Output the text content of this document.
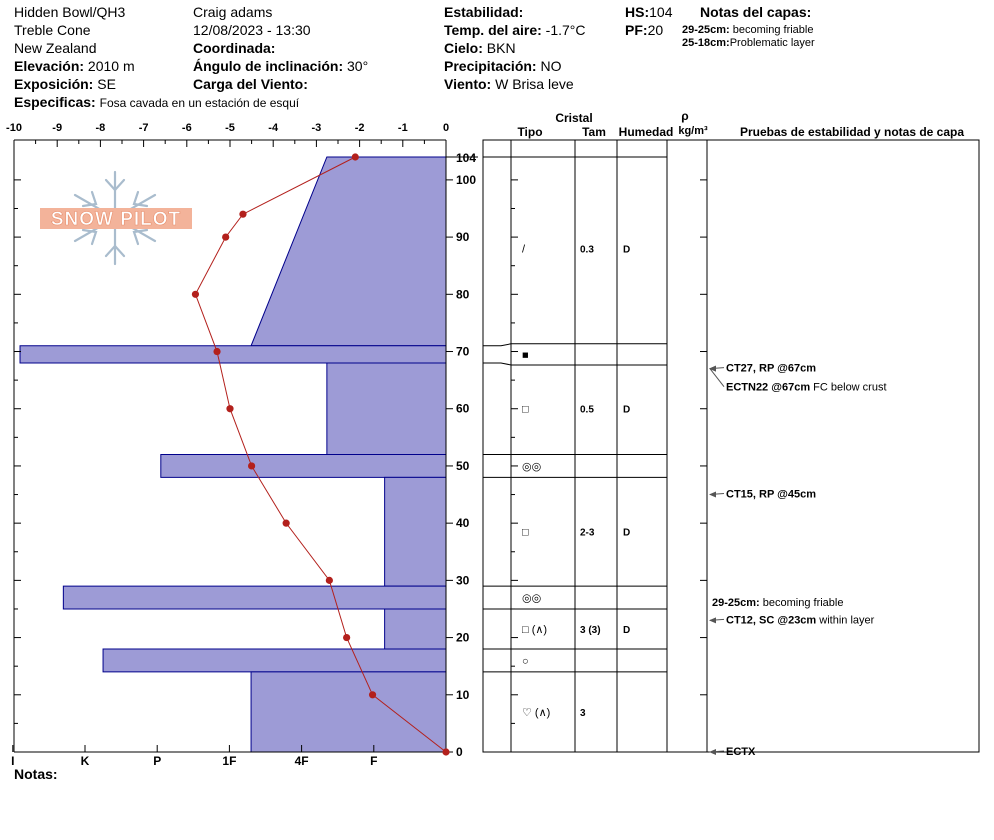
Hidden Bowl/QH3
Treble Cone
New Zealand
Elevación: 2010 m
Exposición: SE
Especificas: Fosa cavada en un estación de esquí
Craig adams
12/08/2023 - 13:30
Coordinada:
Ángulo de inclinación: 30°
Carga del Viento:
Estabilidad:
Temp. del aire: -1.7°C
Cielo: BKN
Precipitación: NO
Viento: W Brisa leve
HS:104
PF:20
Notas del capas:
29-25cm: becoming friable
25-18cm:Problematic layer
Notas:
SNOW PILOT
-10	-9	-8	-7	-6	-5	-4	-3	-2	-1	0
0
10
20
30
40
50
60
70
80
90
100
104
I	K	P	1F	4F	F
Cristal
Tipo	Tam Humedad
ρ
kg/m³	Pruebas de estabilidad y notas de capa
/	0.3	D
■
□	0.5	D
◎◎
□	2-3	D
◎◎
□ (∧)	3 (3) D
○
♡ (∧)	3
CT27, RP @67cm
ECTN22 @67cm FC below crust
CT15, RP @45cm
CT12, SC @23cm within layer
ECTX
29-25cm: becoming friable
